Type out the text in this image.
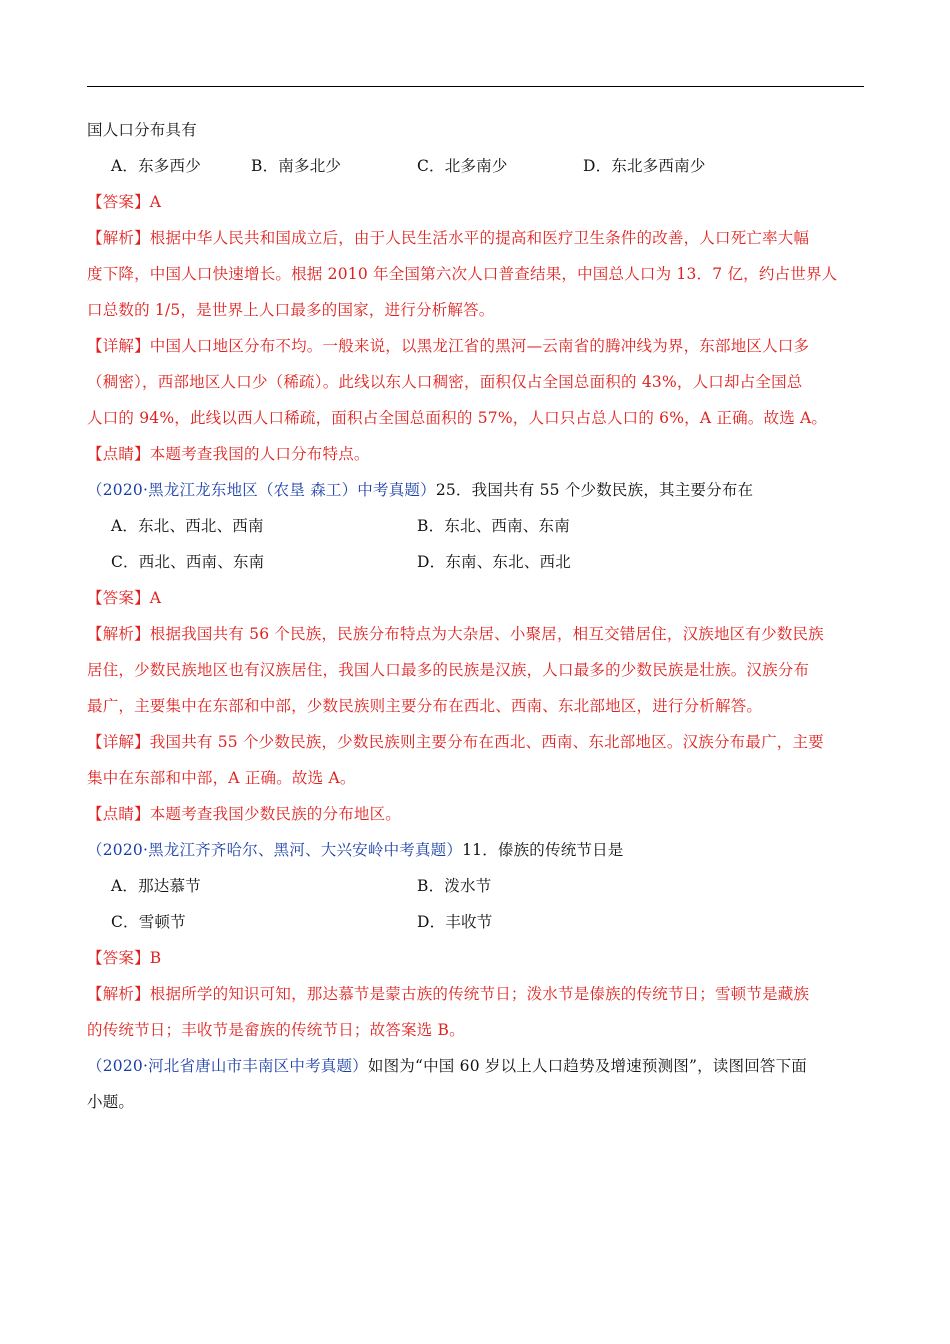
国人口分布具有
A．东多西少	B．南多北少	C．北多南少	D．东北多西南少
【答案】A
【解析】根据中华人民共和国成立后，由于人民生活水平的提高和医疗卫生条件的改善，人口死亡率大幅
度下降，中国人口快速增长。根据 2010 年全国第六次人口普查结果，中国总人口为 13．7 亿，约占世界人
口总数的 1/5，是世界上人口最多的国家，进行分析解答。
【详解】中国人口地区分布不均。一般来说，以黑龙江省的黑河—云南省的腾冲线为界，东部地区人口多
（稠密），西部地区人口少（稀疏）。此线以东人口稠密，面积仅占全国总面积的 43%，人口却占全国总
人口的 94%，此线以西人口稀疏，面积占全国总面积的 57%，人口只占总人口的 6%，A 正确。故选 A。
【点睛】本题考查我国的人口分布特点。
（2020·黑龙江龙东地区（农垦 森工）中考真题）25．我国共有 55 个少数民族，其主要分布在
A．东北、西北、西南	B．东北、西南、东南
C．西北、西南、东南	D．东南、东北、西北
【答案】A
【解析】根据我国共有 56 个民族，民族分布特点为大杂居、小聚居，相互交错居住，汉族地区有少数民族
居住，少数民族地区也有汉族居住，我国人口最多的民族是汉族，人口最多的少数民族是壮族。汉族分布
最广，主要集中在东部和中部，少数民族则主要分布在西北、西南、东北部地区，进行分析解答。
【详解】我国共有 55 个少数民族，少数民族则主要分布在西北、西南、东北部地区。汉族分布最广，主要
集中在东部和中部，A 正确。故选 A。
【点睛】本题考查我国少数民族的分布地区。
（2020·黑龙江齐齐哈尔、黑河、大兴安岭中考真题）11．傣族的传统节日是
A．那达慕节	B．泼水节
C．雪顿节	D．丰收节
【答案】B
【解析】根据所学的知识可知，那达慕节是蒙古族的传统节日；泼水节是傣族的传统节日；雪顿节是藏族
的传统节日；丰收节是畲族的传统节日；故答案选 B。
（2020·河北省唐山市丰南区中考真题）如图为“中国 60 岁以上人口趋势及增速预测图”，读图回答下面
小题。
